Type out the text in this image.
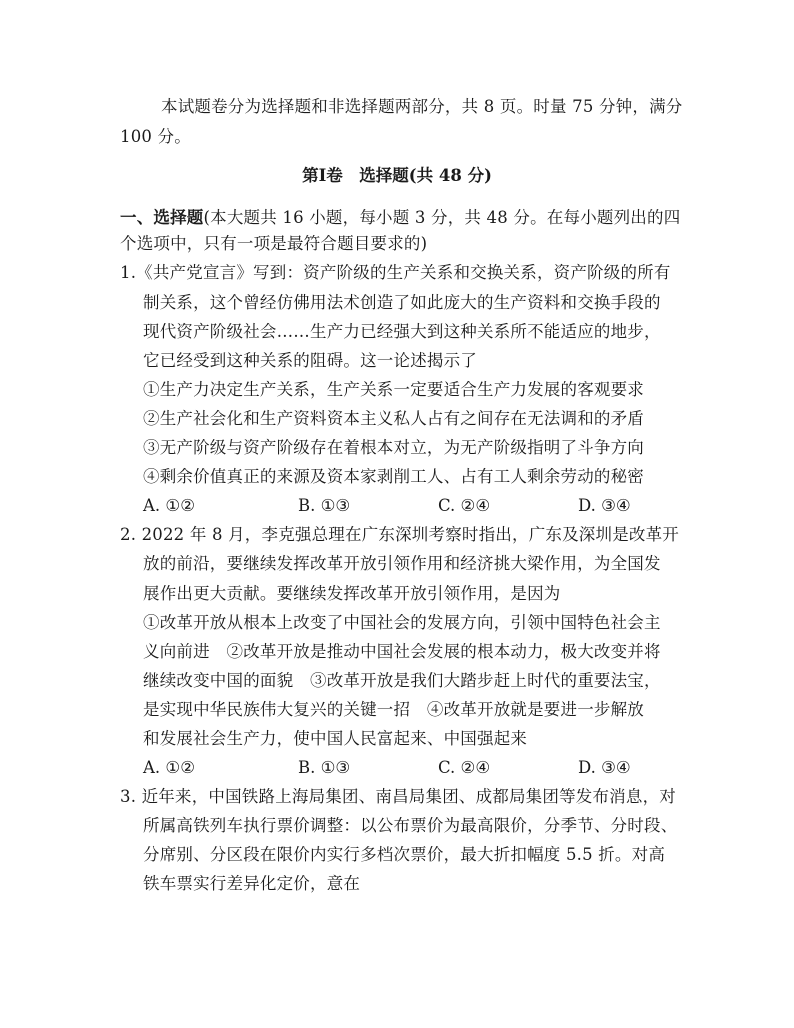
本试题卷分为选择题和非选择题两部分，共 8 页。时量 75 分钟，满分
100 分。
第Ⅰ卷　选择题(共 48 分)
一、选择题(本大题共 16 小题，每小题 3 分，共 48 分。在每小题列出的四
个选项中，只有一项是最符合题目要求的)
1.《共产党宣言》写到：资产阶级的生产关系和交换关系，资产阶级的所有
制关系，这个曾经仿佛用法术创造了如此庞大的生产资料和交换手段的
现代资产阶级社会……生产力已经强大到这种关系所不能适应的地步，
它已经受到这种关系的阻碍。这一论述揭示了
①生产力决定生产关系，生产关系一定要适合生产力发展的客观要求
②生产社会化和生产资料资本主义私人占有之间存在无法调和的矛盾
③无产阶级与资产阶级存在着根本对立，为无产阶级指明了斗争方向
④剩余价值真正的来源及资本家剥削工人、占有工人剩余劳动的秘密
A. ①②	B. ①③	C. ②④	D. ③④
2. 2022 年 8 月，李克强总理在广东深圳考察时指出，广东及深圳是改革开
放的前沿，要继续发挥改革开放引领作用和经济挑大梁作用，为全国发
展作出更大贡献。要继续发挥改革开放引领作用，是因为
①改革开放从根本上改变了中国社会的发展方向，引领中国特色社会主
义向前进　②改革开放是推动中国社会发展的根本动力，极大改变并将
继续改变中国的面貌　③改革开放是我们大踏步赶上时代的重要法宝，
是实现中华民族伟大复兴的关键一招　④改革开放就是要进一步解放
和发展社会生产力，使中国人民富起来、中国强起来
A. ①②	B. ①③	C. ②④	D. ③④
3. 近年来，中国铁路上海局集团、南昌局集团、成都局集团等发布消息，对
所属高铁列车执行票价调整：以公布票价为最高限价，分季节、分时段、
分席别、分区段在限价内实行多档次票价，最大折扣幅度 5.5 折。对高
铁车票实行差异化定价，意在
